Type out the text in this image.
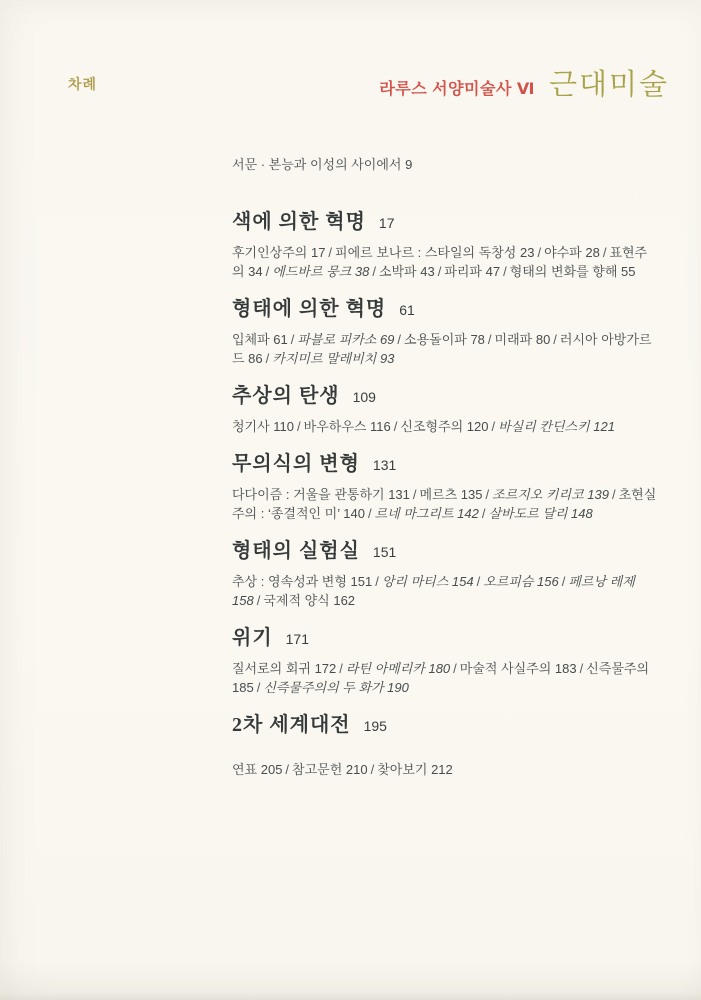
차례	라루스 서양미술사 Ⅵ 근대미술

서문 · 본능과 이성의 사이에서 9

색에 의한 혁명 17

후기인상주의 17 / 피에르 보나르 : 스타일의 독창성 23 / 야수파 28 / 표현주의 34 / 에드바르 뭉크 38 / 소박파 43 / 파리파 47 / 형태의 변화를 향해 55

형태에 의한 혁명 61

입체파 61 / 파블로 피카소 69 / 소용돌이파 78 / 미래파 80 / 러시아 아방가르드 86 / 카지미르 말레비치 93

추상의 탄생 109

청기사 110 / 바우하우스 116 / 신조형주의 120 / 바실리 칸딘스키 121

무의식의 변형 131

다다이즘 : 거울을 관통하기 131 / 메르츠 135 / 조르지오 키리코 139 / 초현실주의 : ‘종결적인 미’ 140 / 르네 마그리트 142 / 살바도르 달리 148

형태의 실험실 151

추상 : 영속성과 변형 151 / 앙리 마티스 154 / 오르피슴 156 / 페르낭 레제 158 / 국제적 양식 162

위기 171

질서로의 회귀 172 / 라틴 아메리카 180 / 마술적 사실주의 183 / 신즉물주의 185 / 신즉물주의의 두 화가 190

2차 세계대전 195

연표 205 / 참고문헌 210 / 찾아보기 212
